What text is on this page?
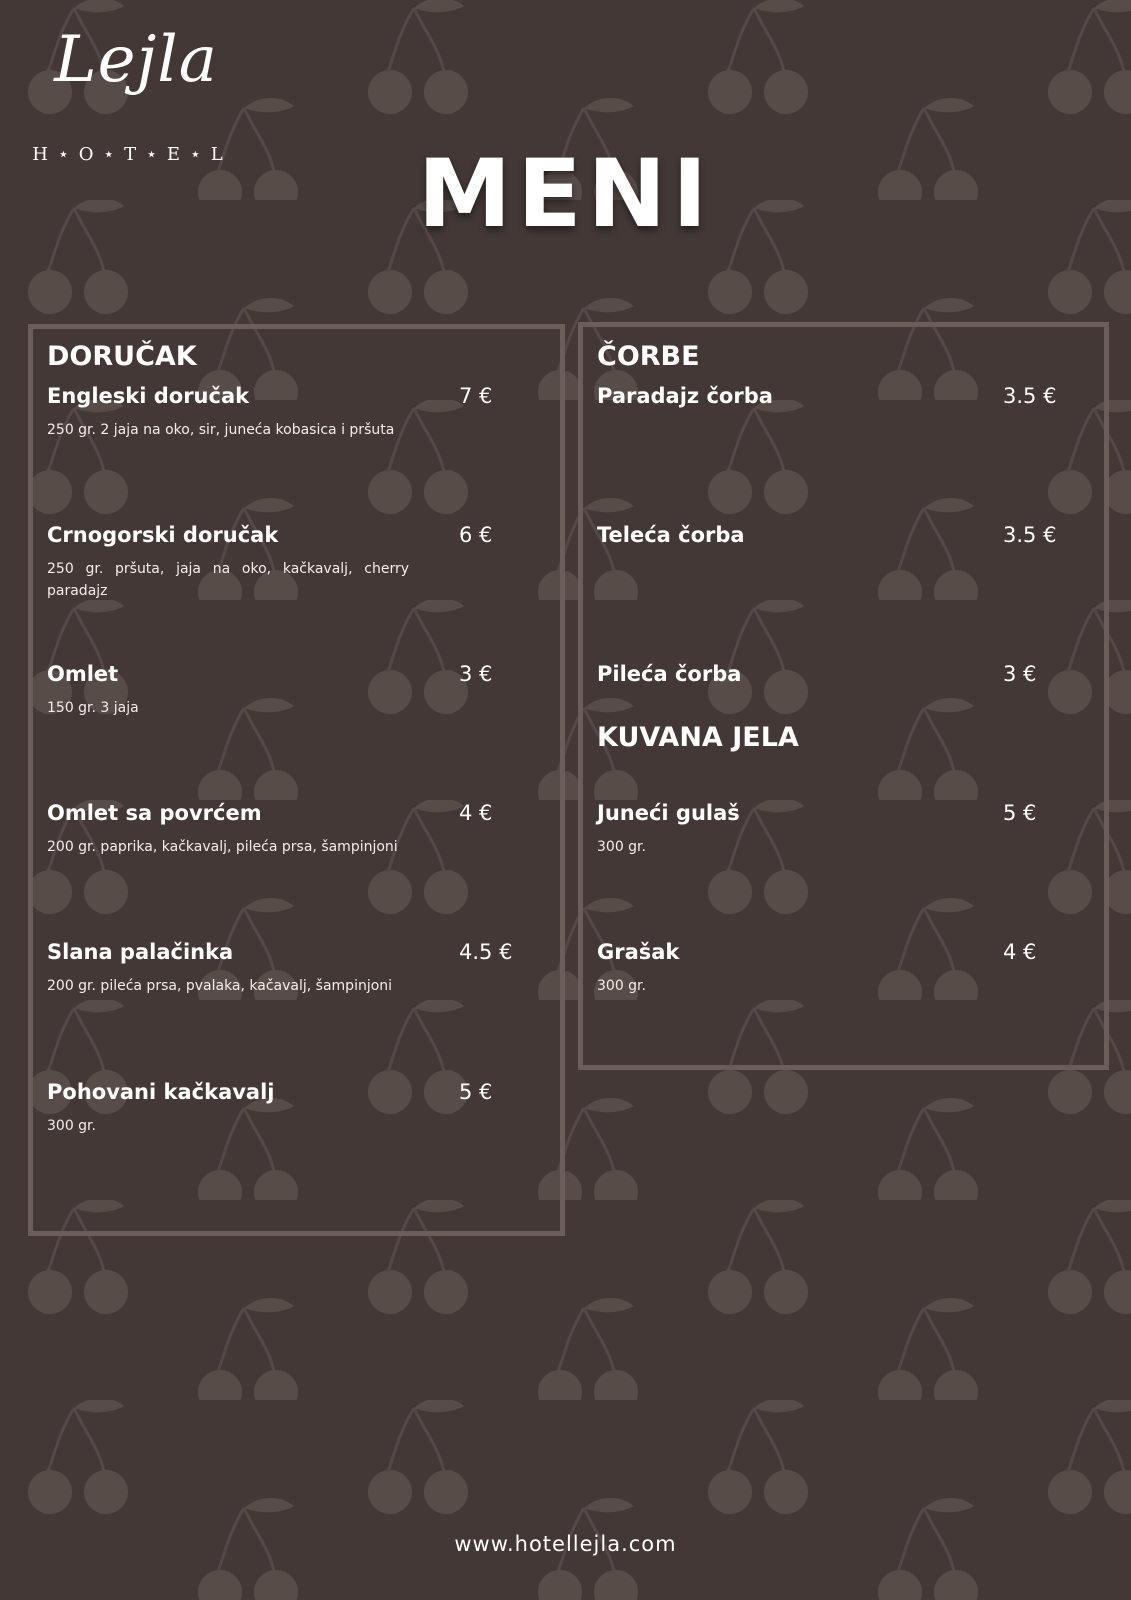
Lejla
H ⋆ O ⋆ T ⋆ E ⋆ L	MENI
DORUČAK
Engleski doručak	7 €
250 gr. 2 jaja na oko, sir, juneća kobasica i pršuta
Crnogorski doručak	6 €
250 gr. pršuta, jaja na oko, kačkavalj, cherry paradajz
Omlet	3 €
150 gr. 3 jaja
Omlet sa povrćem	4 €
200 gr. paprika, kačkavalj, pileća prsa, šampinjoni
Slana palačinka	4.5 €
200 gr. pileća prsa, pvalaka, kačavalj, šampinjoni
Pohovani kačkavalj	5 €
300 gr.
ČORBE
Paradajz čorba	3.5 €
Teleća čorba	3.5 €
Pileća čorba	3 €
KUVANA JELA
Juneći gulaš	5 €
300 gr.
Grašak	4 €
300 gr.
www.hotellejla.com
